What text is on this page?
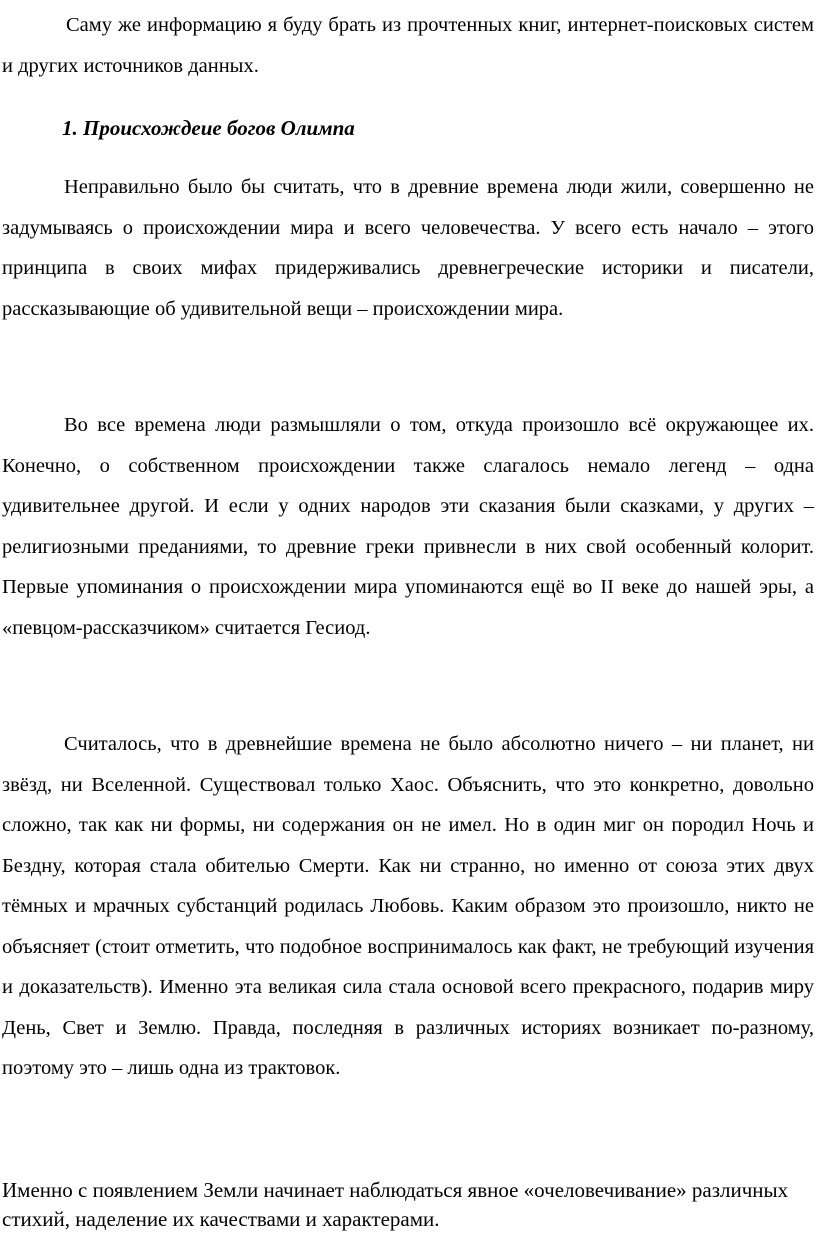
Саму же информацию я буду брать из прочтенных книг, интернет-поисковых систем и других источников данных.

1. Происхождеие богов Олимпа

Неправильно было бы считать, что в древние времена люди жили, совершенно не задумываясь о происхождении мира и всего человечества. У всего есть начало – этого принципа в своих мифах придерживались древнегреческие историки и писатели, рассказывающие об удивительной вещи – происхождении мира.

Во все времена люди размышляли о том, откуда произошло всё окружающее их. Конечно, о собственном происхождении также слагалось немало легенд – одна удивительнее другой. И если у одних народов эти сказания были сказками, у других – религиозными преданиями, то древние греки привнесли в них свой особенный колорит. Первые упоминания о происхождении мира упоминаются ещё во II веке до нашей эры, а «певцом-рассказчиком» считается Гесиод.

Считалось, что в древнейшие времена не было абсолютно ничего – ни планет, ни звёзд, ни Вселенной. Существовал только Хаос. Объяснить, что это конкретно, довольно сложно, так как ни формы, ни содержания он не имел. Но в один миг он породил Ночь и Бездну, которая стала обителью Смерти. Как ни странно, но именно от союза этих двух тёмных и мрачных субстанций родилась Любовь. Каким образом это произошло, никто не объясняет (стоит отметить, что подобное воспринималось как факт, не требующий изучения и доказательств). Именно эта великая сила стала основой всего прекрасного, подарив миру День, Свет и Землю. Правда, последняя в различных историях возникает по-разному, поэтому это – лишь одна из трактовок.

Именно с появлением Земли начинает наблюдаться явное «очеловечивание» различных стихий, наделение их качествами и характерами.
